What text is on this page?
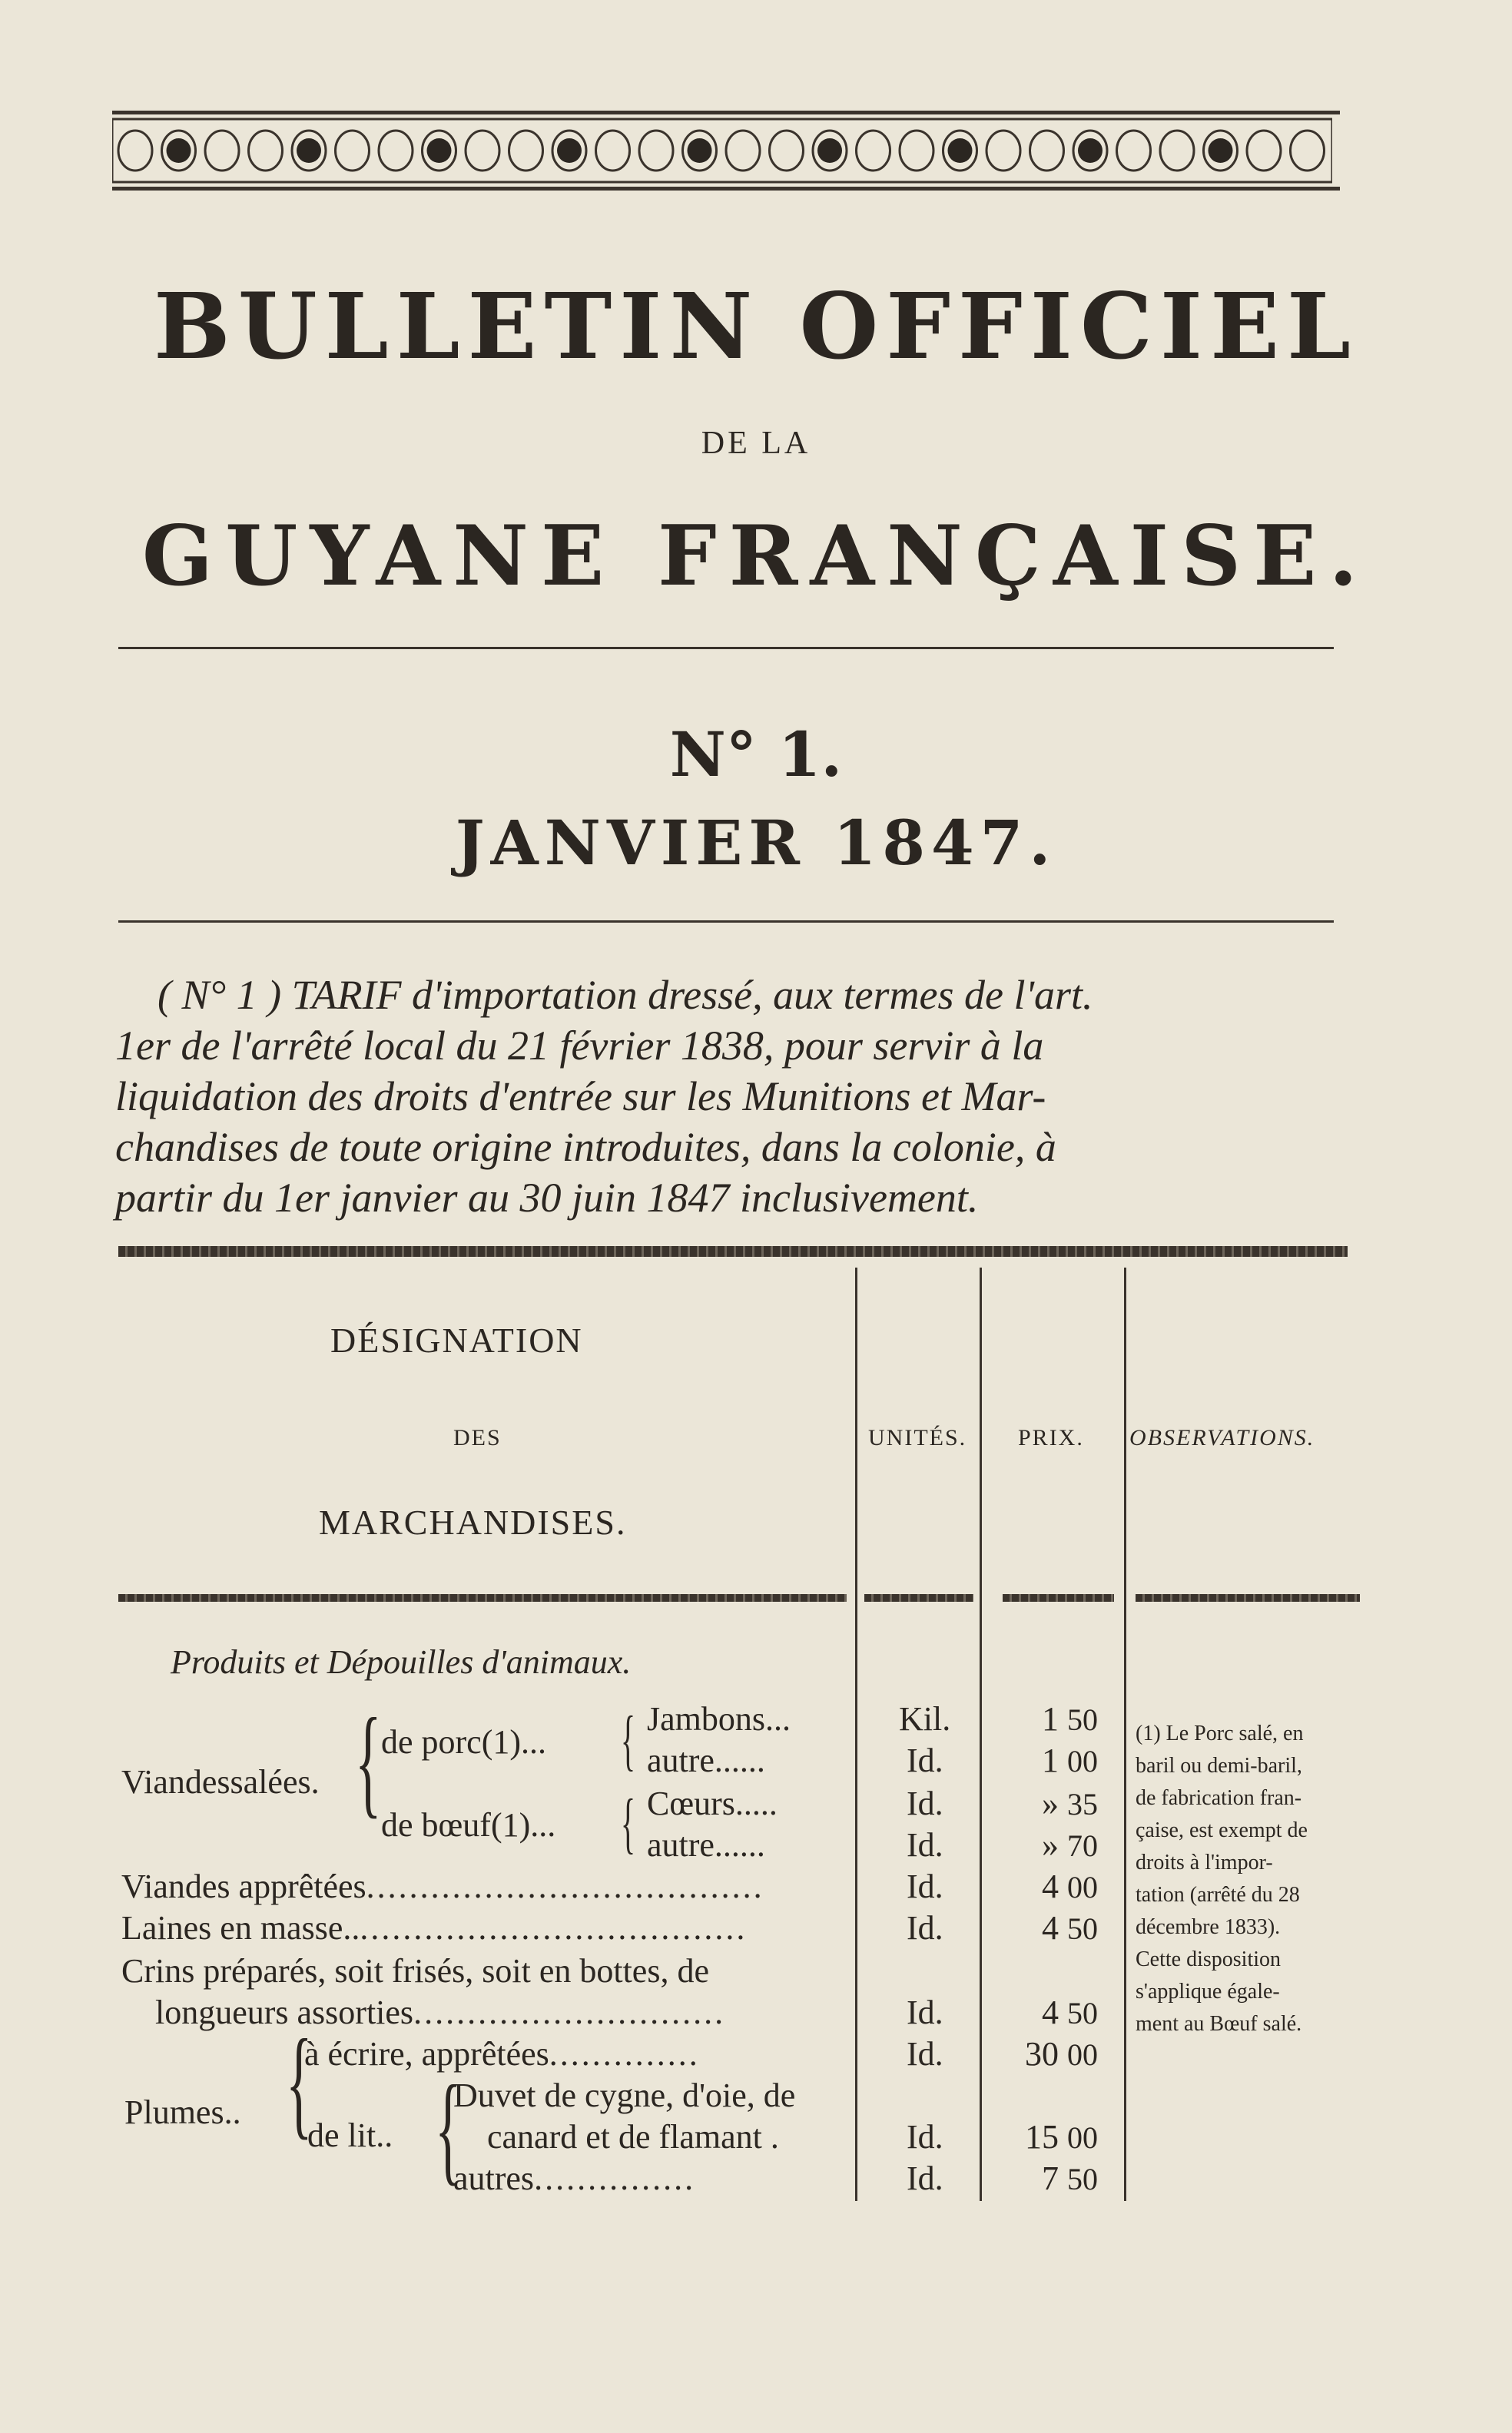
BULLETIN OFFICIEL
DE LA
GUYANE FRANÇAISE.
N° 1.
JANVIER 1847.
( N° 1 ) TARIF d'importation dressé, aux termes de l'art.
1er de l'arrêté local du 21 février 1838, pour servir à la
liquidation des droits d'entrée sur les Munitions et Mar-
chandises de toute origine introduites, dans la colonie, à
partir du 1er janvier au 30 juin 1847 inclusivement.
DÉSIGNATION
DES
MARCHANDISES.
UNITÉS. PRIX. OBSERVATIONS.
Produits et Dépouilles d'animaux.
Viandessalées. { de porc(1)...
de bœuf(1)...
{
{
Jambons...
autre......
Cœurs.....
autre......
Viandes apprêtées.....................................
Laines en masse......................................
Crins préparés, soit frisés, soit en bottes, de
longueurs assorties.............................
Plumes.. {
à écrire, apprêtées..............
de lit.. {
Duvet de cygne, d'oie, de
canard et de flamant .
autres...............
Kil.
Id.
Id.
Id.
Id.
Id.
Id.
Id.
Id.
Id.
1 50
1 00
» 35
» 70
4 00
4 50
4 50
30 00
15 00
7 50
(1) Le Porc salé, en
baril ou demi-baril,
de fabrication fran-
çaise, est exempt de
droits à l'impor-
tation (arrêté du 28
décembre 1833).
Cette disposition
s'applique égale-
ment au Bœuf salé.
